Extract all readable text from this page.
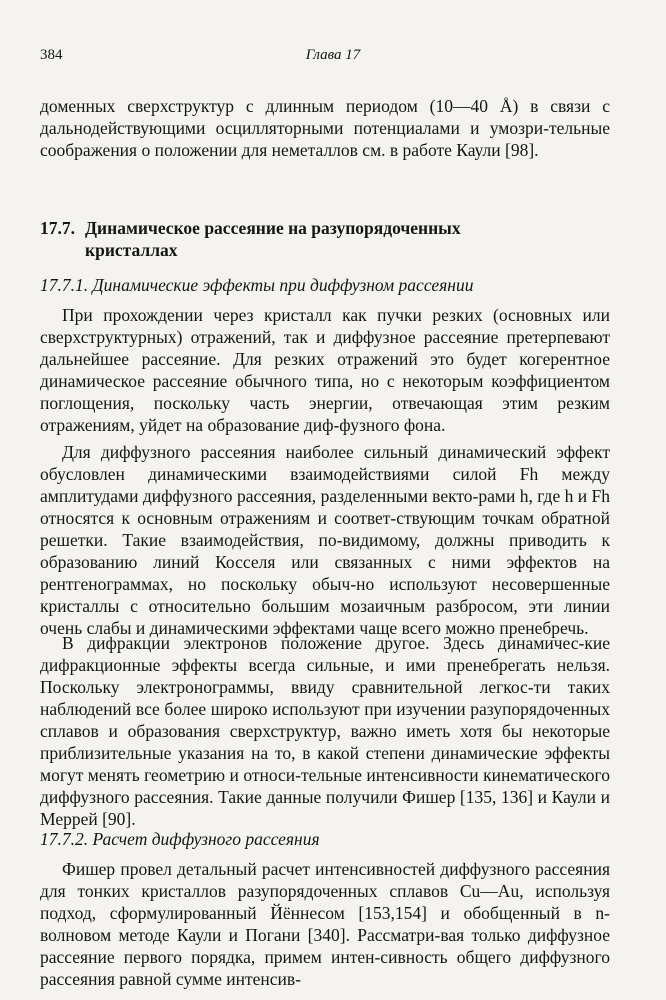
384	Глава 17

доменных сверхструктур с длинным периодом (10—40 Å) в связи с дальнодействующими осцилляторными потенциалами и умозри-тельные соображения о положении для неметаллов см. в работе Каули [98].

17.7. Динамическое рассеяние на разупорядоченных
кристаллах
17.7.1. Динамические эффекты при диффузном рассеянии

При прохождении через кристалл как пучки резких (основных или сверхструктурных) отражений, так и диффузное рассеяние претерпевают дальнейшее рассеяние. Для резких отражений это будет когерентное динамическое рассеяние обычного типа, но с некоторым коэффициентом поглощения, поскольку часть энергии, отвечающая этим резким отражениям, уйдет на образование диф-фузного фона.

Для диффузного рассеяния наиболее сильный динамический эффект обусловлен динамическими взаимодействиями силой Fh между амплитудами диффузного рассеяния, разделенными векто-рами h, где h и Fh относятся к основным отражениям и соответ-ствующим точкам обратной решетки. Такие взаимодействия, по-видимому, должны приводить к образованию линий Косселя или связанных с ними эффектов на рентгенограммах, но поскольку обыч-но используют несовершенные кристаллы с относительно большим мозаичным разбросом, эти линии очень слабы и динамическими эффектами чаще всего можно пренебречь.

В дифракции электронов положение другое. Здесь динамичес-кие дифракционные эффекты всегда сильные, и ими пренебрегать нельзя. Поскольку электронограммы, ввиду сравнительной легкос-ти таких наблюдений все более широко используют при изучении разупорядоченных сплавов и образования сверхструктур, важно иметь хотя бы некоторые приблизительные указания на то, в какой степени динамические эффекты могут менять геометрию и относи-тельные интенсивности кинематического диффузного рассеяния. Такие данные получили Фишер [135, 136] и Каули и Меррей [90].

17.7.2. Расчет диффузного рассеяния

Фишер провел детальный расчет интенсивностей диффузного рассеяния для тонких кристаллов разупорядоченных сплавов Cu—Au, используя подход, сформулированный Йённесом [153,154] и обобщенный в n-волновом методе Каули и Погани [340]. Рассматри-вая только диффузное рассеяние первого порядка, примем интен-сивность общего диффузного рассеяния равной сумме интенсив-
